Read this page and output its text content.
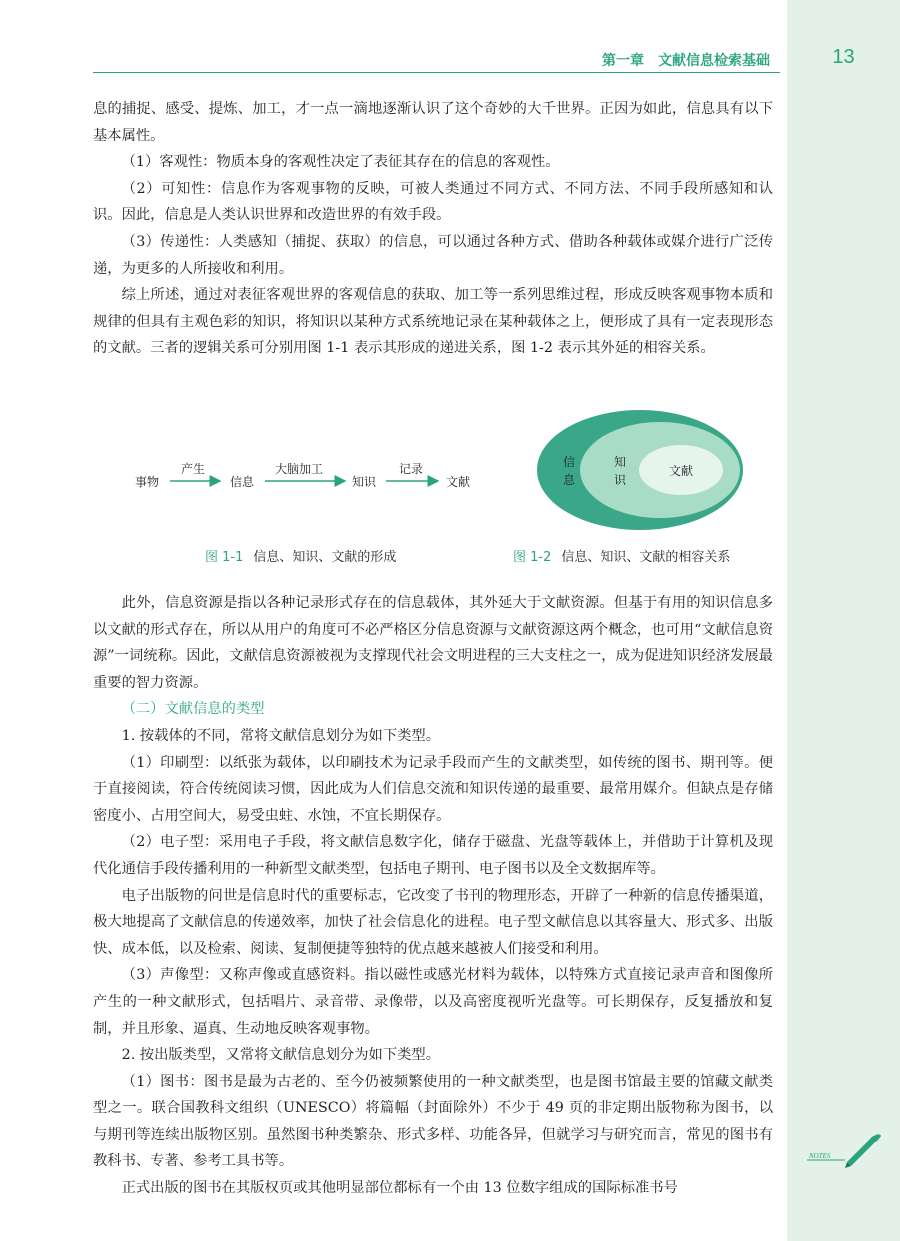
13
第一章 文献信息检索基础

息的捕捉、感受、提炼、加工，才一点一滴地逐渐认识了这个奇妙的大千世界。正因为如此，信息具有以下基本属性。

（1）客观性：物质本身的客观性决定了表征其存在的信息的客观性。

（2）可知性：信息作为客观事物的反映，可被人类通过不同方式、不同方法、不同手段所感知和认识。因此，信息是人类认识世界和改造世界的有效手段。

（3）传递性：人类感知（捕捉、获取）的信息，可以通过各种方式、借助各种载体或媒介进行广泛传递，为更多的人所接收和利用。

综上所述，通过对表征客观世界的客观信息的获取、加工等一系列思维过程，形成反映客观事物本质和规律的但具有主观色彩的知识，将知识以某种方式系统地记录在某种载体之上，便形成了具有一定表现形态的文献。三者的逻辑关系可分别用图 1-1 表示其形成的递进关系，图 1-2 表示其外延的相容关系。

事物
产生
信息
大脑加工
知识
记录
文献
信
息
知
识
文献
图 1-1 信息、知识、文献的形成	图 1-2 信息、知识、文献的相容关系

此外，信息资源是指以各种记录形式存在的信息载体，其外延大于文献资源。但基于有用的知识信息多以文献的形式存在，所以从用户的角度可不必严格区分信息资源与文献资源这两个概念，也可用“文献信息资源”一词统称。因此，文献信息资源被视为支撑现代社会文明进程的三大支柱之一，成为促进知识经济发展最重要的智力资源。

（二）文献信息的类型

1. 按载体的不同，常将文献信息划分为如下类型。

（1）印刷型：以纸张为载体，以印刷技术为记录手段而产生的文献类型，如传统的图书、期刊等。便于直接阅读，符合传统阅读习惯，因此成为人们信息交流和知识传递的最重要、最常用媒介。但缺点是存储密度小、占用空间大，易受虫蛀、水蚀，不宜长期保存。

（2）电子型：采用电子手段，将文献信息数字化，储存于磁盘、光盘等载体上，并借助于计算机及现代化通信手段传播利用的一种新型文献类型，包括电子期刊、电子图书以及全文数据库等。

电子出版物的问世是信息时代的重要标志，它改变了书刊的物理形态，开辟了一种新的信息传播渠道，极大地提高了文献信息的传递效率，加快了社会信息化的进程。电子型文献信息以其容量大、形式多、出版快、成本低，以及检索、阅读、复制便捷等独特的优点越来越被人们接受和利用。

（3）声像型：又称声像或直感资料。指以磁性或感光材料为载体，以特殊方式直接记录声音和图像所产生的一种文献形式，包括唱片、录音带、录像带，以及高密度视听光盘等。可长期保存，反复播放和复制，并且形象、逼真、生动地反映客观事物。

2. 按出版类型，又常将文献信息划分为如下类型。

（1）图书：图书是最为古老的、至今仍被频繁使用的一种文献类型，也是图书馆最主要的馆藏文献类型之一。联合国教科文组织（UNESCO）将篇幅（封面除外）不少于 49 页的非定期出版物称为图书，以与期刊等连续出版物区别。虽然图书种类繁杂、形式多样、功能各异，但就学习与研究而言，常见的图书有教科书、专著、参考工具书等。

正式出版的图书在其版权页或其他明显部位都标有一个由 13 位数字组成的国际标准书号

NOTES
